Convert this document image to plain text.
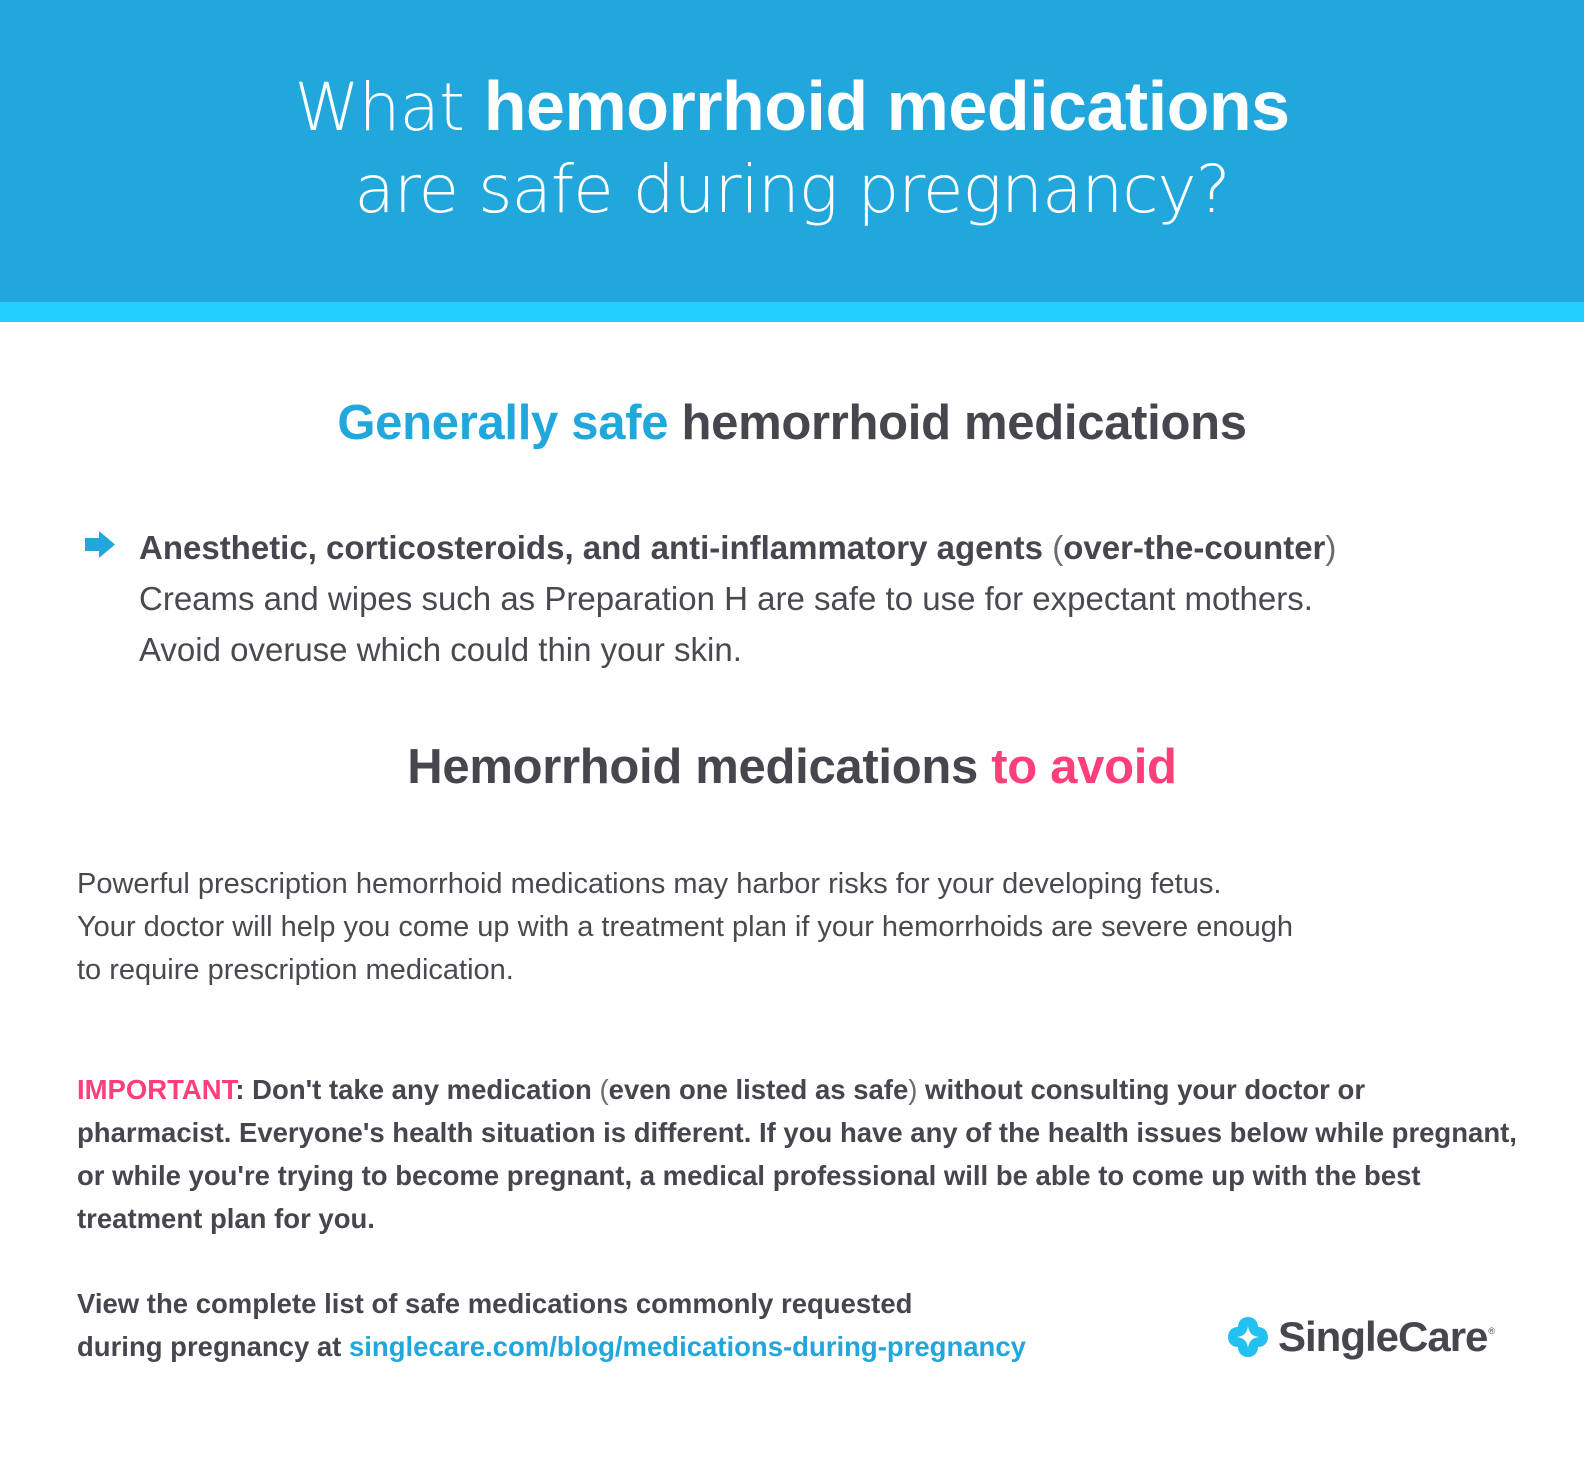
What hemorrhoid medications
are safe during pregnancy?
Generally safe hemorrhoid medications
Anesthetic, corticosteroids, and anti-inflammatory agents (over-the-counter)
Creams and wipes such as Preparation H are safe to use for expectant mothers.
Avoid overuse which could thin your skin.
Hemorrhoid medications to avoid
Powerful prescription hemorrhoid medications may harbor risks for your developing fetus.
Your doctor will help you come up with a treatment plan if your hemorrhoids are severe enough
to require prescription medication.
IMPORTANT: Don't take any medication (even one listed as safe) without consulting your doctor or pharmacist. Everyone's health situation is different. If you have any of the health issues below while pregnant, or while you're trying to become pregnant, a medical professional will be able to come up with the best treatment plan for you.
View the complete list of safe medications commonly requested
during pregnancy at singlecare.com/blog/medications-during-pregnancy	SingleCare ®
